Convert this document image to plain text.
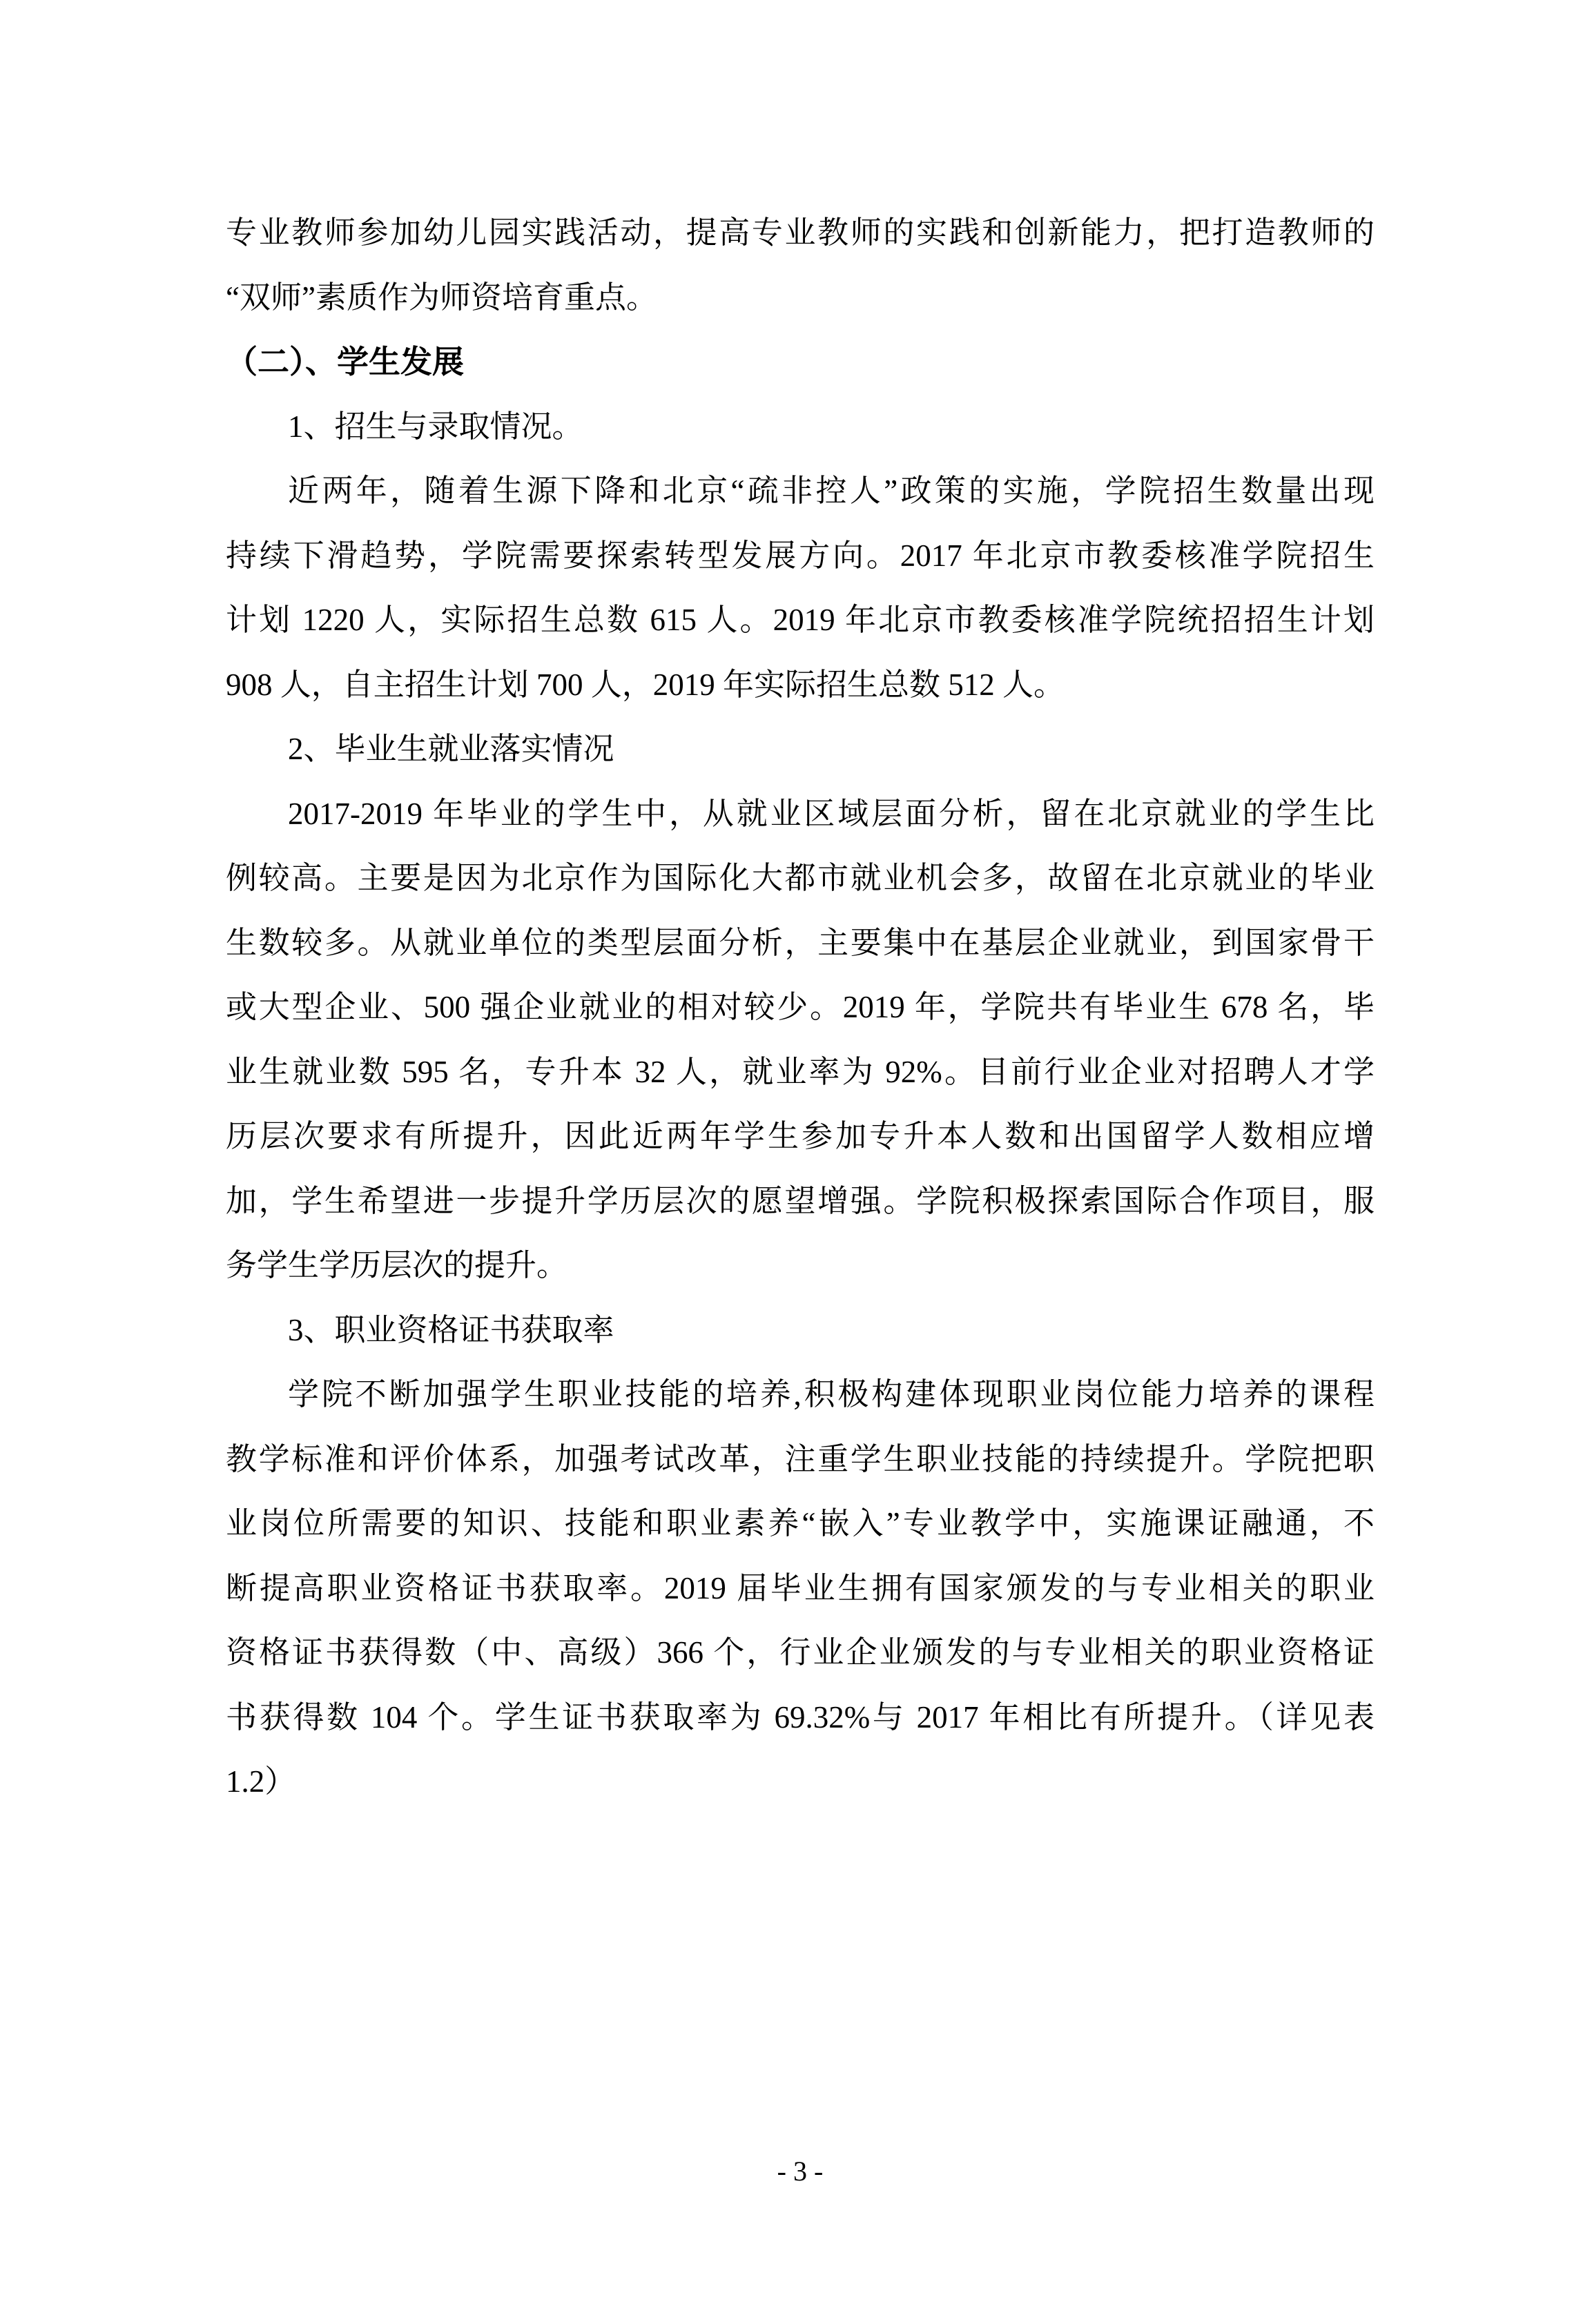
专业教师参加幼儿园实践活动，提高专业教师的实践和创新能力，把打造教师的
“双师”素质作为师资培育重点。
（二）、学生发展
1、招生与录取情况。
近两年，随着生源下降和北京“疏非控人”政策的实施，学院招生数量出现
持续下滑趋势，学院需要探索转型发展方向。2017 年北京市教委核准学院招生
计划 1220 人，实际招生总数 615 人。2019 年北京市教委核准学院统招招生计划
908 人，自主招生计划 700 人，2019 年实际招生总数 512 人。
2、毕业生就业落实情况
2017-2019 年毕业的学生中，从就业区域层面分析，留在北京就业的学生比
例较高。主要是因为北京作为国际化大都市就业机会多，故留在北京就业的毕业
生数较多。从就业单位的类型层面分析，主要集中在基层企业就业，到国家骨干
或大型企业、500 强企业就业的相对较少。2019 年，学院共有毕业生 678 名，毕
业生就业数 595 名，专升本 32 人，就业率为 92%。目前行业企业对招聘人才学
历层次要求有所提升，因此近两年学生参加专升本人数和出国留学人数相应增
加，学生希望进一步提升学历层次的愿望增强。学院积极探索国际合作项目，服
务学生学历层次的提升。
3、职业资格证书获取率
学院不断加强学生职业技能的培养,积极构建体现职业岗位能力培养的课程
教学标准和评价体系，加强考试改革，注重学生职业技能的持续提升。学院把职
业岗位所需要的知识、技能和职业素养“嵌入”专业教学中，实施课证融通，不
断提高职业资格证书获取率。2019 届毕业生拥有国家颁发的与专业相关的职业
资格证书获得数（中、高级）366 个，行业企业颁发的与专业相关的职业资格证
书获得数 104 个。学生证书获取率为 69.32%与 2017 年相比有所提升。（详见表
1.2）
- 3 -
